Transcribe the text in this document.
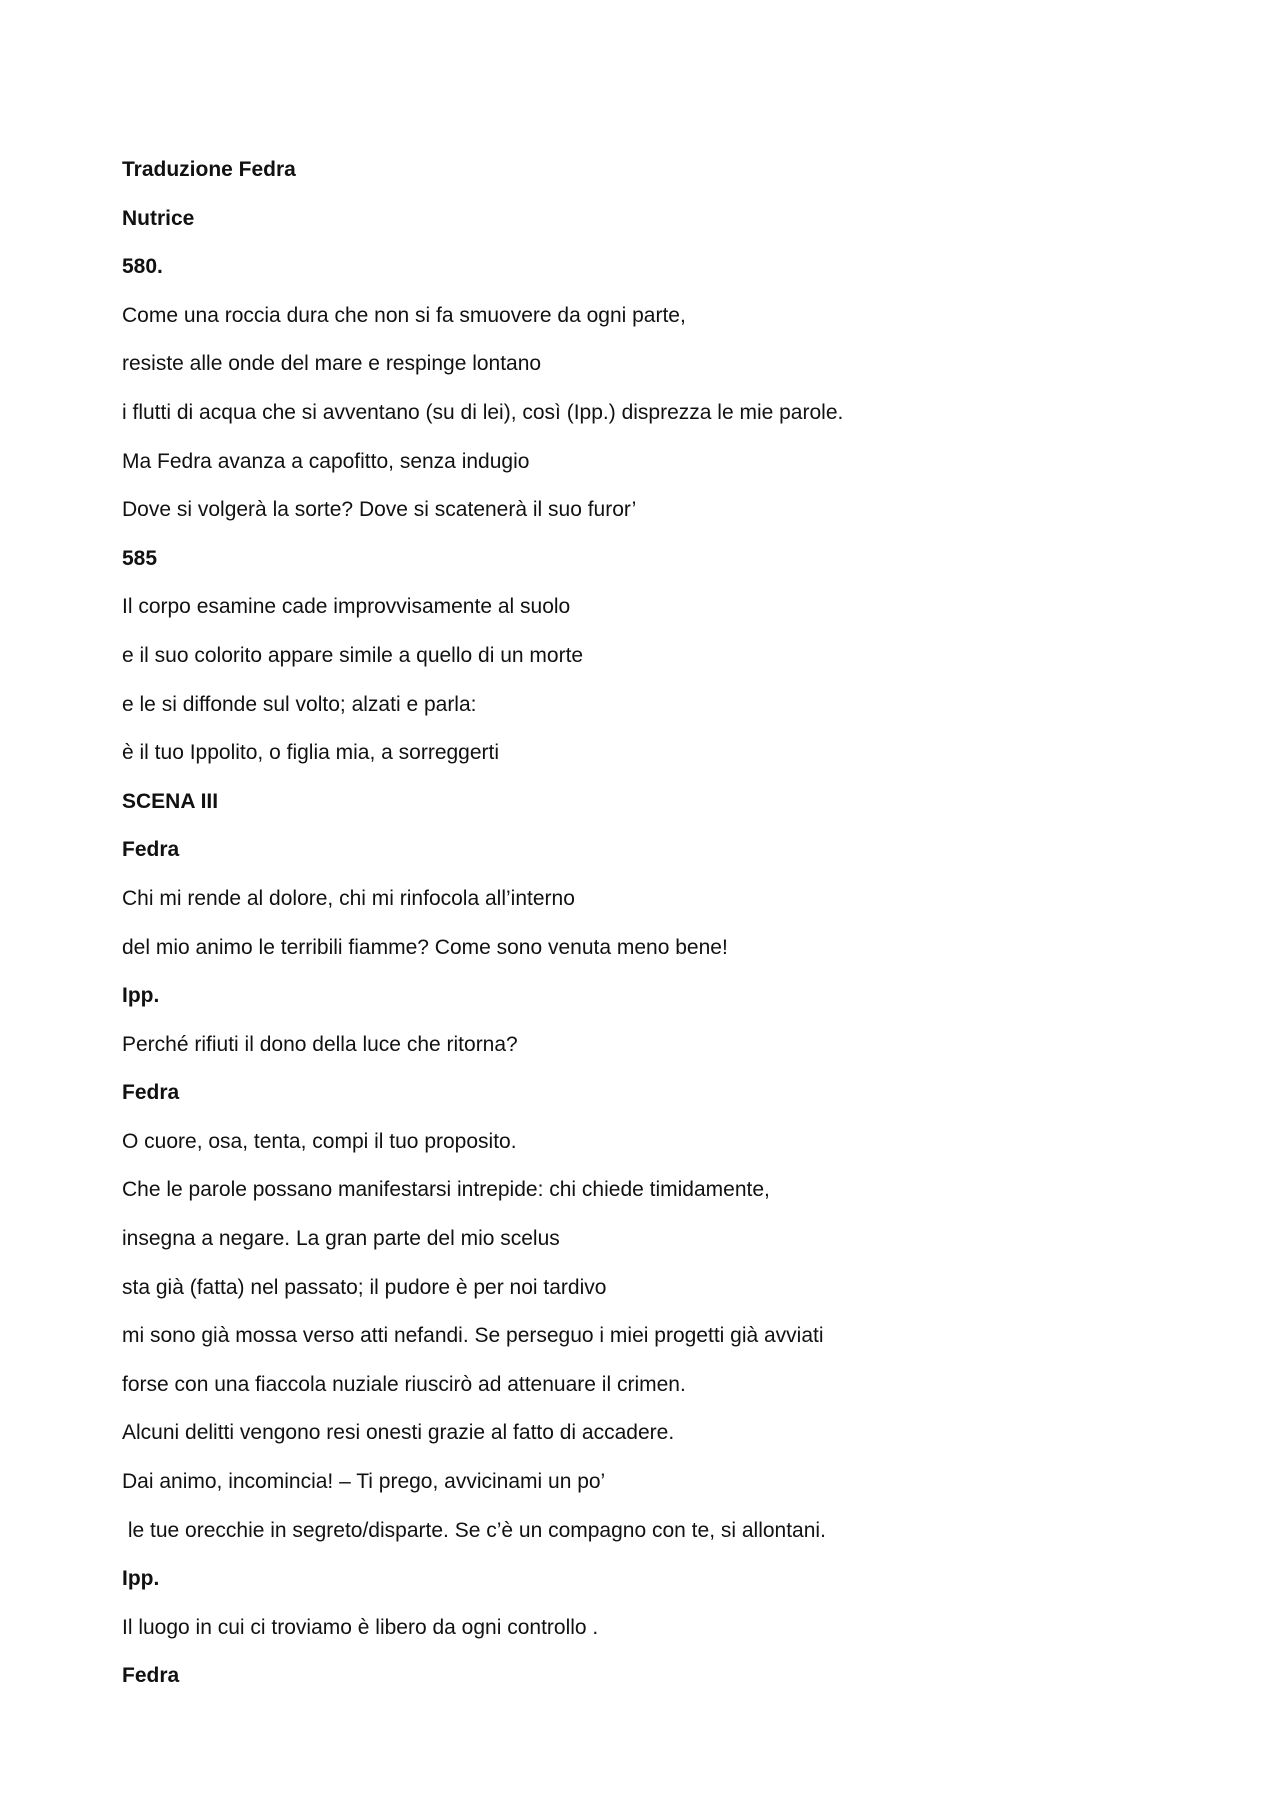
Traduzione Fedra

Nutrice

580.

Come una roccia dura che non si fa smuovere da ogni parte,

resiste alle onde del mare e respinge lontano

i flutti di acqua che si avventano (su di lei), così (Ipp.) disprezza le mie parole.

Ma Fedra avanza a capofitto, senza indugio

Dove si volgerà la sorte? Dove si scatenerà il suo furor’

585

Il corpo esamine cade improvvisamente al suolo

e il suo colorito appare simile a quello di un morte

e le si diffonde sul volto; alzati e parla:

è il tuo Ippolito, o figlia mia, a sorreggerti

SCENA III

Fedra

Chi mi rende al dolore, chi mi rinfocola all’interno

del mio animo le terribili fiamme? Come sono venuta meno bene!

Ipp.

Perché rifiuti il dono della luce che ritorna?

Fedra

O cuore, osa, tenta, compi il tuo proposito.

Che le parole possano manifestarsi intrepide: chi chiede timidamente,

insegna a negare. La gran parte del mio scelus

sta già (fatta) nel passato; il pudore è per noi tardivo

mi sono già mossa verso atti nefandi. Se perseguo i miei progetti già avviati

forse con una fiaccola nuziale riuscirò ad attenuare il crimen.

Alcuni delitti vengono resi onesti grazie al fatto di accadere.

Dai animo, incomincia! – Ti prego, avvicinami un po’

le tue orecchie in segreto/disparte. Se c’è un compagno con te, si allontani.

Ipp.

Il luogo in cui ci troviamo è libero da ogni controllo .

Fedra
